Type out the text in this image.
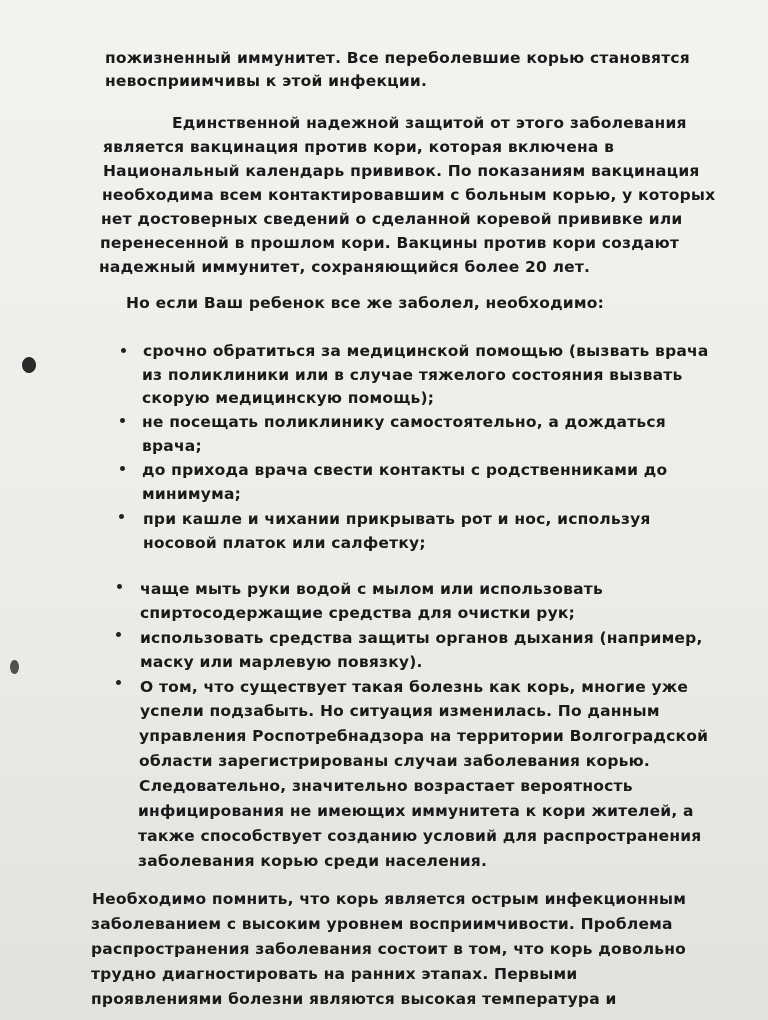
пожизненный иммунитет. Все переболевшие корью становятся
невосприимчивы к этой инфекции.
Единственной надежной защитой от этого заболевания
является вакцинация против кори, которая включена в
Национальный календарь прививок. По показаниям вакцинация
необходима всем контактировавшим с больным корью, у которых
нет достоверных сведений о сделанной коревой прививке или
перенесенной в прошлом кори. Вакцины против кори создают
надежный иммунитет, сохраняющийся более 20 лет.
Но если Ваш ребенок все же заболел, необходимо:
срочно обратиться за медицинской помощью (вызвать врача
из поликлиники или в случае тяжелого состояния вызвать
скорую медицинскую помощь);
не посещать поликлинику самостоятельно, а дождаться
врача;
до прихода врача свести контакты с родственниками до
минимума;
при кашле и чихании прикрывать рот и нос, используя
носовой платок или салфетку;
чаще мыть руки водой с мылом или использовать
спиртосодержащие средства для очистки рук;
использовать средства защиты органов дыхания (например,
маску или марлевую повязку).
О том, что существует такая болезнь как корь, многие уже
успели подзабыть. Но ситуация изменилась. По данным
управления Роспотребнадзора на территории Волгоградской
области зарегистрированы случаи заболевания корью.
Следовательно, значительно возрастает вероятность
инфицирования не имеющих иммунитета к кори жителей, а
также способствует созданию условий для распространения
заболевания корью среди населения.
Необходимо помнить, что корь является острым инфекционным
заболеванием с высоким уровнем восприимчивости. Проблема
распространения заболевания состоит в том, что корь довольно
трудно диагностировать на ранних этапах. Первыми
проявлениями болезни являются высокая температура и
